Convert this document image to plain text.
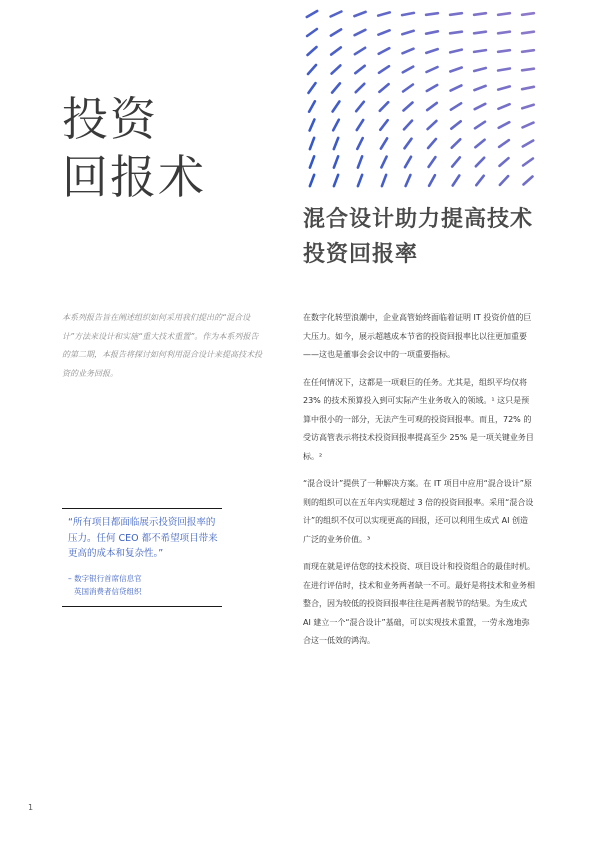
投资
回报术
混合设计助力提高技术投资回报率

本系列报告旨在阐述组织如何采用我们提出的“混合设计”方法来设计和实施“重大技术重置”。作为本系列报告的第二期，本报告将探讨如何利用混合设计来提高技术投资的业务回报。

“所有项目都面临展示投资回报率的压力。任何 CEO 都不希望项目带来更高的成本和复杂性。”

– 数字银行首席信息官
英国消费者信贷组织

在数字化转型浪潮中，企业高管始终面临着证明 IT 投资价值的巨大压力。如今，展示超越成本节省的投资回报率比以往更加重要——这也是董事会会议中的一项重要指标。

在任何情况下，这都是一项艰巨的任务。尤其是，组织平均仅将 23% 的技术预算投入到可实际产生业务收入的领域。¹ 这只是预算中很小的一部分，无法产生可观的投资回报率。而且，72% 的受访高管表示将技术投资回报率提高至少 25% 是一项关键业务目标。²

“混合设计”提供了一种解决方案。在 IT 项目中应用“混合设计”原则的组织可以在五年内实现超过 3 倍的投资回报率。采用“混合设计”的组织不仅可以实现更高的回报，还可以利用生成式 AI 创造广泛的业务价值。³

而现在就是评估您的技术投资、项目设计和投资组合的最佳时机。在进行评估时，技术和业务两者缺一不可。最好是将技术和业务相整合，因为较低的投资回报率往往是两者脱节的结果。为生成式 AI 建立一个“混合设计”基础，可以实现技术重置，一劳永逸地弥合这一低效的鸿沟。

1
